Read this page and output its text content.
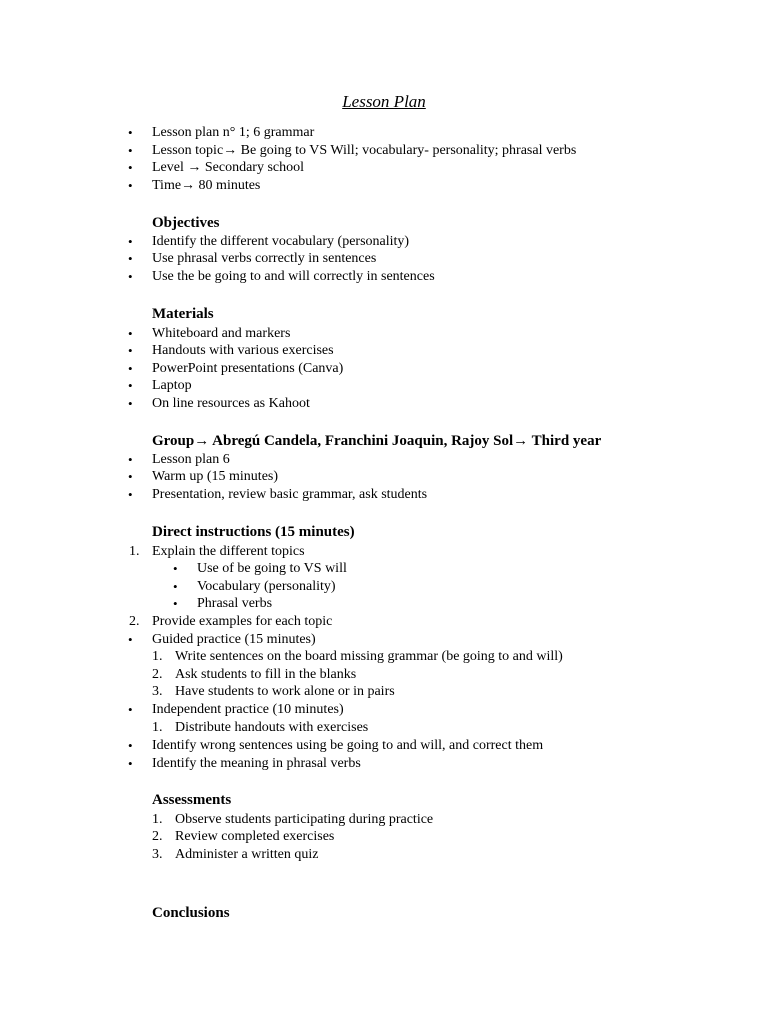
Lesson Plan
• Lesson plan n° 1; 6 grammar
• Lesson topic→ Be going to VS Will; vocabulary- personality; phrasal verbs
• Level → Secondary school
• Time→ 80 minutes
Objectives
• Identify the different vocabulary (personality)
• Use phrasal verbs correctly in sentences
• Use the be going to and will correctly in sentences
Materials
• Whiteboard and markers
• Handouts with various exercises
• PowerPoint presentations (Canva)
• Laptop
• On line resources as Kahoot
Group→ Abregú Candela, Franchini Joaquin, Rajoy Sol→ Third year
• Lesson plan 6
• Warm up (15 minutes)
• Presentation, review basic grammar, ask students
Direct instructions (15 minutes)
1. Explain the different topics
• Use of be going to VS will
• Vocabulary (personality)
• Phrasal verbs
2. Provide examples for each topic
• Guided practice (15 minutes)
1. Write sentences on the board missing grammar (be going to and will)
2. Ask students to fill in the blanks
3. Have students to work alone or in pairs
• Independent practice (10 minutes)
1. Distribute handouts with exercises
• Identify wrong sentences using be going to and will, and correct them
• Identify the meaning in phrasal verbs
Assessments
1. Observe students participating during practice
2. Review completed exercises
3. Administer a written quiz
Conclusions
